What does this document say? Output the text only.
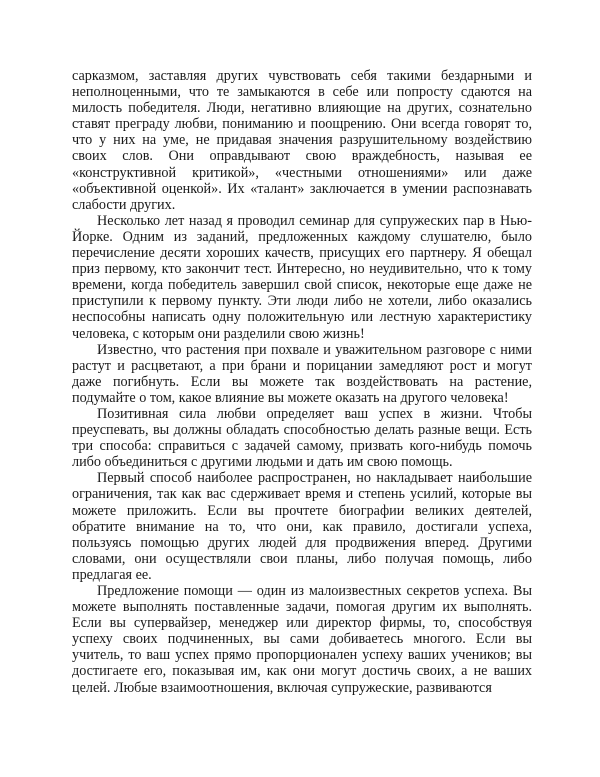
сарказмом, заставляя других чувствовать себя такими бездарными и неполноценными, что те замыкаются в себе или попросту сдаются на милость победителя. Люди, негативно влияющие на других, сознательно ставят преграду любви, пониманию и поощрению. Они всегда говорят то, что у них на уме, не придавая значения разрушительному воздействию своих слов. Они оправдывают свою враждебность, называя ее «конструктивной критикой», «честными отношениями» или даже «объективной оценкой». Их «талант» заключается в умении распознавать слабости других.

Несколько лет назад я проводил семинар для супружеских пар в Нью-Йорке. Одним из заданий, предложенных каждому слушателю, было перечисление десяти хороших качеств, присущих его партнеру. Я обещал приз первому, кто закончит тест. Интересно, но неудивительно, что к тому времени, когда победитель завершил свой список, некоторые еще даже не приступили к первому пункту. Эти люди либо не хотели, либо оказались неспособны написать одну положительную или лестную характеристику человека, с которым они разделили свою жизнь!

Известно, что растения при похвале и уважительном разговоре с ними растут и расцветают, а при брани и порицании замедляют рост и могут даже погибнуть. Если вы можете так воздействовать на растение, подумайте о том, какое влияние вы можете оказать на другого человека!

Позитивная сила любви определяет ваш успех в жизни. Чтобы преуспевать, вы должны обладать способностью делать разные вещи. Есть три способа: справиться с задачей самому, призвать кого-нибудь помочь либо объединиться с другими людьми и дать им свою помощь.

Первый способ наиболее распространен, но накладывает наибольшие ограничения, так как вас сдерживает время и степень усилий, которые вы можете приложить. Если вы прочтете биографии великих деятелей, обратите внимание на то, что они, как правило, достигали успеха, пользуясь помощью других людей для продвижения вперед. Другими словами, они осуществляли свои планы, либо получая помощь, либо предлагая ее.

Предложение помощи — один из малоизвестных секретов успеха. Вы можете выполнять поставленные задачи, помогая другим их выполнять. Если вы супервайзер, менеджер или директор фирмы, то, способствуя успеху своих подчиненных, вы сами добиваетесь многого. Если вы учитель, то ваш успех прямо пропорционален успеху ваших учеников; вы достигаете его, показывая им, как они могут достичь своих, а не ваших целей. Любые взаимоотношения, включая супружеские, развиваются
